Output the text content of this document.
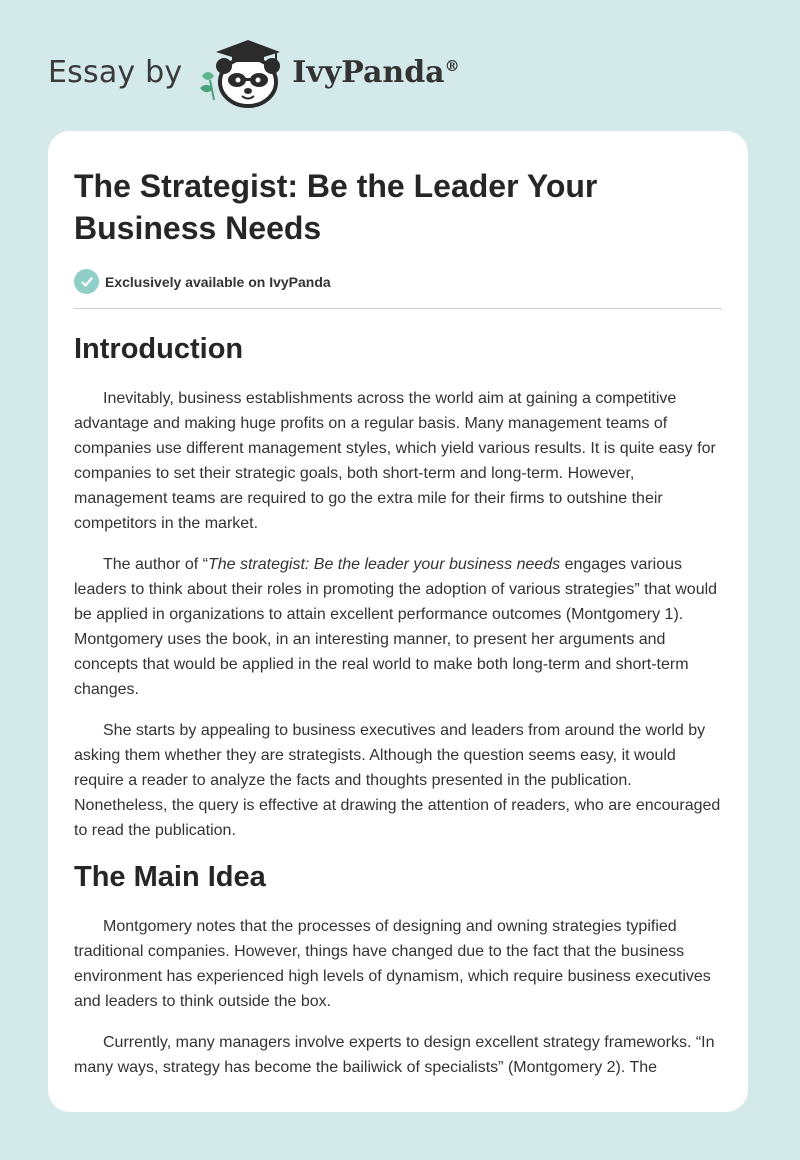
Essay by	IvyPanda®
The Strategist: Be the Leader Your Business Needs
Exclusively available on IvyPanda
Introduction

Inevitably, business establishments across the world aim at gaining a competitive advantage and making huge profits on a regular basis. Many management teams of companies use different management styles, which yield various results. It is quite easy for companies to set their strategic goals, both short-term and long-term. However, management teams are required to go the extra mile for their firms to outshine their competitors in the market.

The author of “The strategist: Be the leader your business needs engages various leaders to think about their roles in promoting the adoption of various strategies” that would be applied in organizations to attain excellent performance outcomes (Montgomery 1). Montgomery uses the book, in an interesting manner, to present her arguments and concepts that would be applied in the real world to make both long-term and short-term changes.

She starts by appealing to business executives and leaders from around the world by asking them whether they are strategists. Although the question seems easy, it would require a reader to analyze the facts and thoughts presented in the publication. Nonetheless, the query is effective at drawing the attention of readers, who are encouraged to read the publication.

The Main Idea

Montgomery notes that the processes of designing and owning strategies typified traditional companies. However, things have changed due to the fact that the business environment has experienced high levels of dynamism, which require business executives and leaders to think outside the box.

Currently, many managers involve experts to design excellent strategy frameworks. “In many ways, strategy has become the bailiwick of specialists” (Montgomery 2). The
